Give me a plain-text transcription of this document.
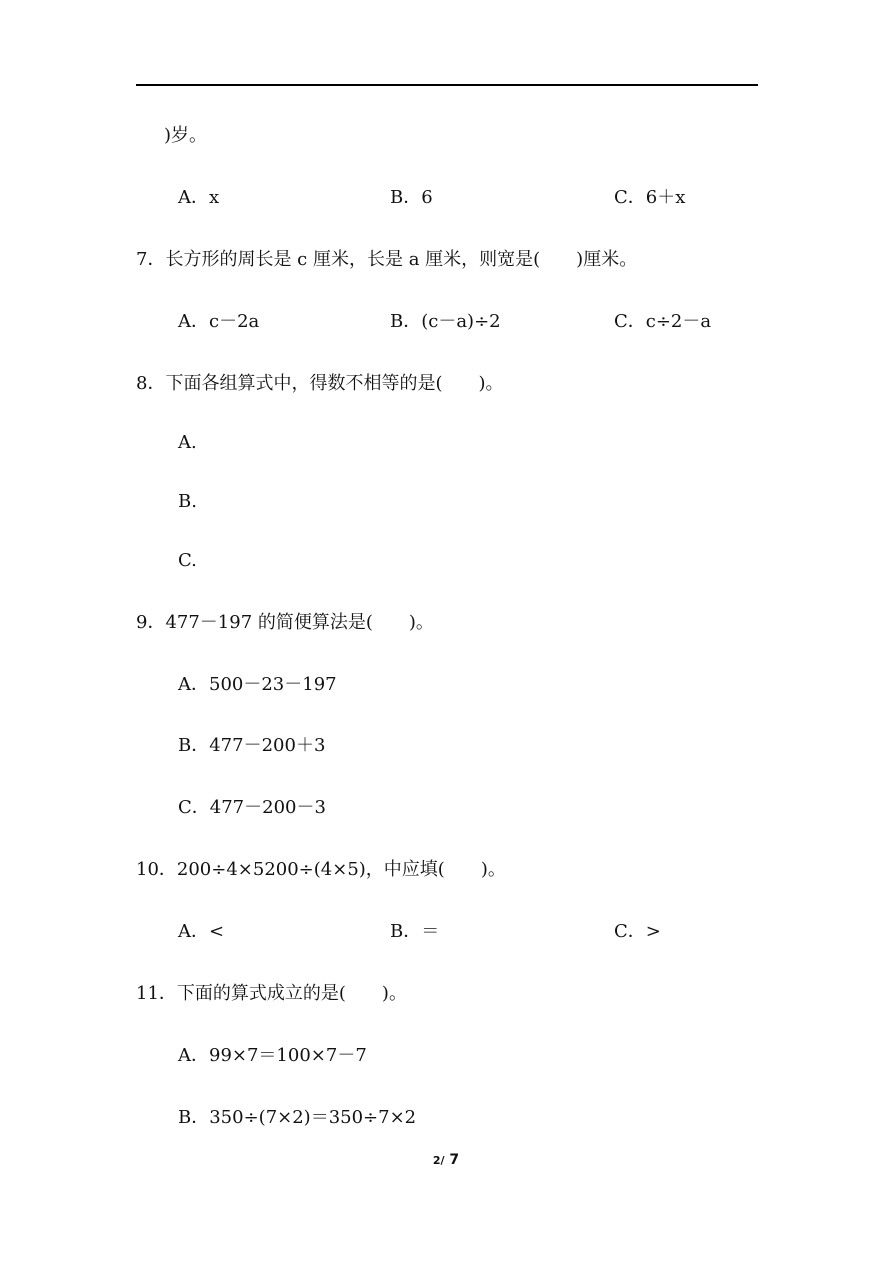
)岁。
A．x	B．6	C．6＋x
7．长方形的周长是 c 厘米，长是 a 厘米，则宽是(　　)厘米。
A．c－2a	B．(c－a)÷2	C．c÷2－a
8．下面各组算式中，得数不相等的是(　　)。
A.
B.
C.
9．477－197 的简便算法是(　　)。
A．500－23－197
B．477－200＋3
C．477－200－3
10．200÷4×5200÷(4×5)，中应填(　　)。
A．<	B．＝	C．>
11．下面的算式成立的是(　　)。
A．99×7＝100×7－7
B．350÷(7×2)＝350÷7×2
2/ 7
